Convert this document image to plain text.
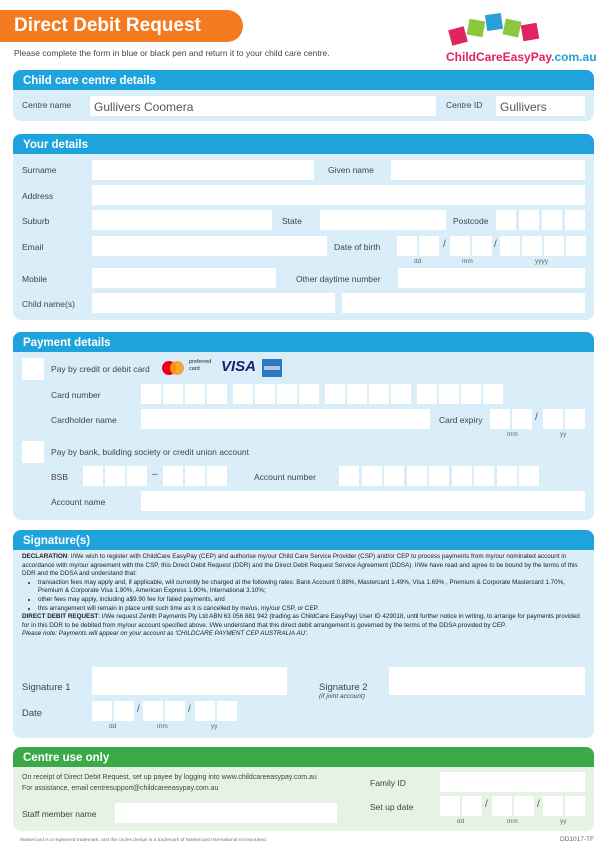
Direct Debit Request
Please complete the form in blue or black pen and return it to your child care centre.	ChildCareEasyPay.com.au
Child care centre details
Centre name	Gullivers Coomera	Centre ID	Gullivers
Your details
Surname	Given name
Address
Suburb	State	Postcode
Email	Date of birth	/	/
dd	mm	yyyy
Mobile	Other daytime number
Child name(s)
Payment details
Pay by credit or debit card
preferred card	VISA
Card number
Cardholder name	Card expiry	/
mm	yy
Pay by bank, building society or credit union account
BSB	–	Account number
Account name
Signature(s)
DECLARATION: I/We wish to register with ChildCare EasyPay (CEP) and authorise my/our Child Care Service Provider (CSP) and/or CEP to process payments from my/our nominated account in accordance with my/our agreement with the CSP, this Direct Debit Request (DDR) and the Direct Debit Request Service Agreement (DDSA). I/We have read and agree to be bound by the terms of this DDR and the DDSA and understand that:
• transaction fees may apply and, if applicable, will currently be charged at the following rates: Bank Account 0.88%, Mastercard 1.49%, Visa 1.69% , Premium & Corporate Mastercard 1.70%, Premium & Corporate Visa 1.90%, American Express 1.90%, International 3.10%;
• other fees may apply, including a$9.90 fee for failed payments, and
• this arrangement will remain in place until such time as it is cancelled by me/us, my/our CSP, or CEP.
DIRECT DEBIT REQUEST: I/We request Zenith Payments Pty Ltd ABN 63 056 881 942 (trading as ChildCare EasyPay) User ID 429018, until further notice in writing, to arrange for payments provided for in this DDR to be debited from my/our account specified above. I/We understand that this direct debit arrangement is governed by the terms of the DDSA provided by CEP.
Please note: Payments will appear on your account as 'CHILDCARE PAYMENT CEP AUSTRALIA AU'.
Signature 1	Signature 2
(if joint account)
Date	/	/
dd	mm	yy
Centre use only
On receipt of Direct Debit Request, set up payee by logging into www.childcareeasypay.com.au
For assistance, email centresupport@childcareeasypay.com.au
Staff member name
Family ID
Set up date	/	/
dd	mm	yy
Mastercard is a registered trademark, and the circles design is a trademark of Mastercard International Incorporated.	DD1017-TF
